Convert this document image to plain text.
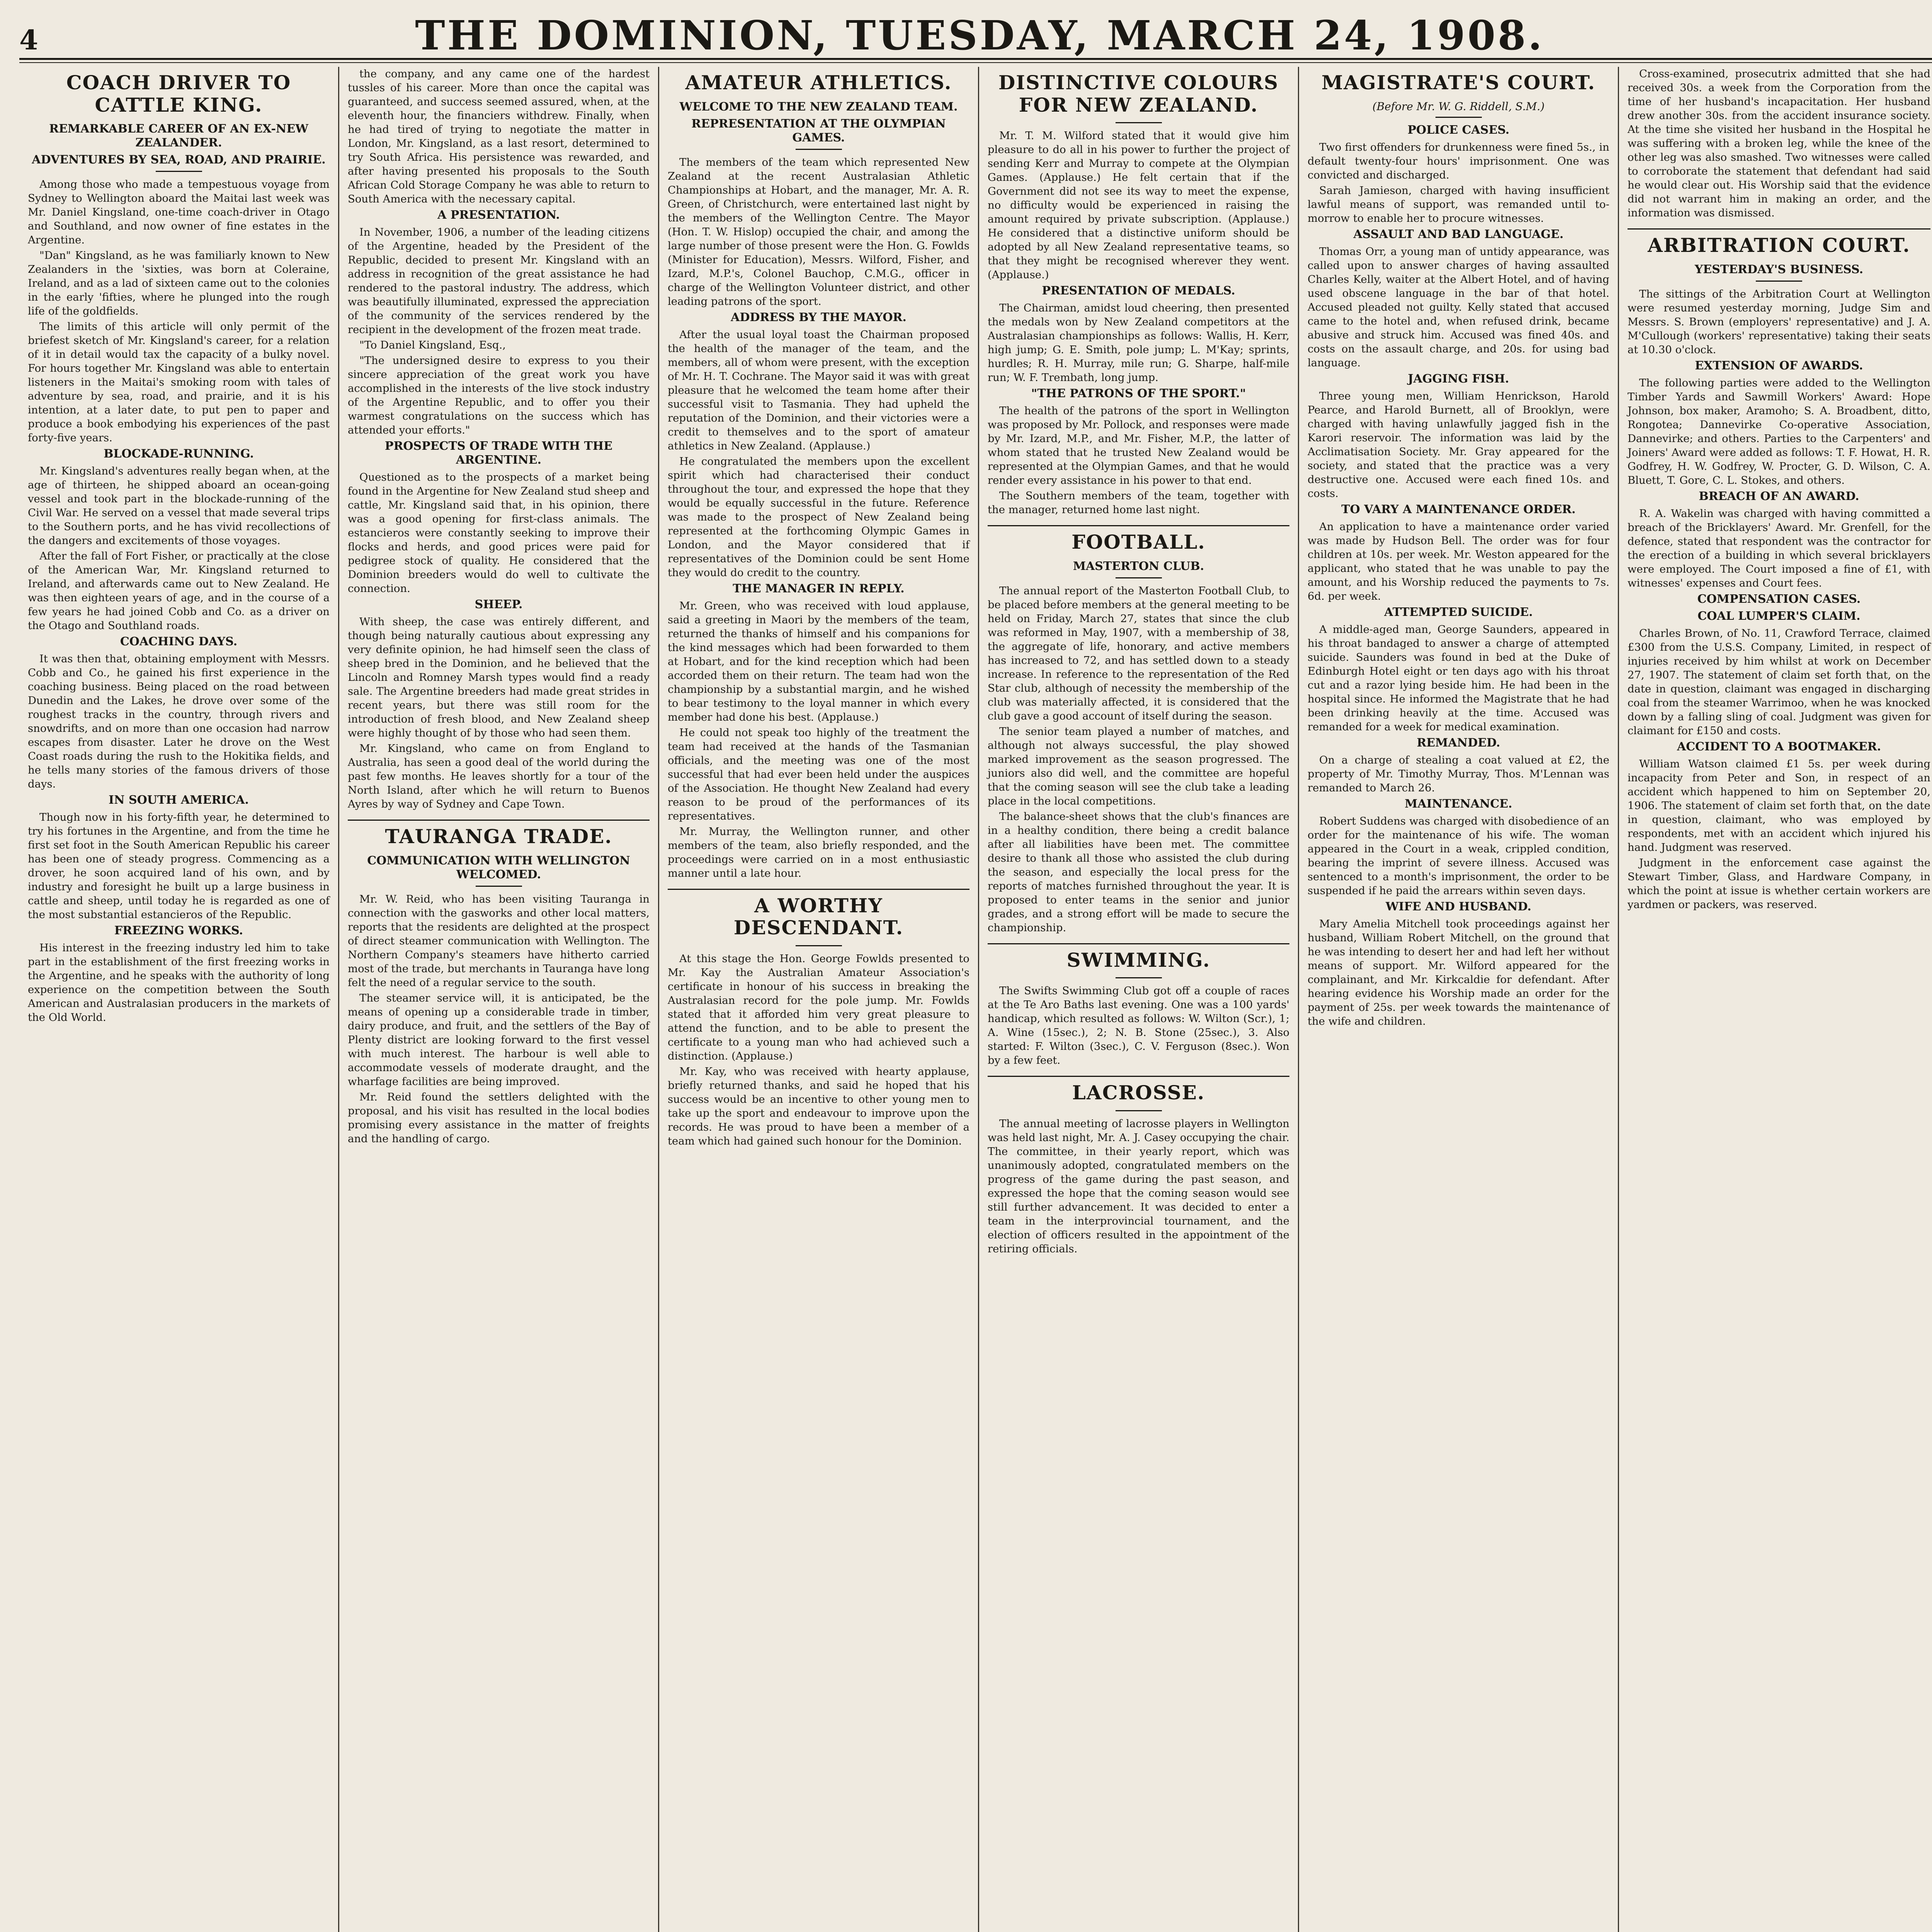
4	THE DOMINION, TUESDAY, MARCH 24, 1908.
COACH DRIVER TO CATTLE KING.
REMARKABLE CAREER OF AN EX-NEW ZEALANDER.
ADVENTURES BY SEA, ROAD, AND PRAIRIE.

Among those who made a tempestuous voyage from Sydney to Wellington aboard the Maitai last week was Mr. Daniel Kingsland, one-time coach-driver in Otago and Southland, and now owner of fine estates in the Argentine.

"Dan" Kingsland, as he was familiarly known to New Zealanders in the 'sixties, was born at Coleraine, Ireland, and as a lad of sixteen came out to the colonies in the early 'fifties, where he plunged into the rough life of the goldfields.

The limits of this article will only permit of the briefest sketch of Mr. Kingsland's career, for a relation of it in detail would tax the capacity of a bulky novel. For hours together Mr. Kingsland was able to entertain listeners in the Maitai's smoking room with tales of adventure by sea, road, and prairie, and it is his intention, at a later date, to put pen to paper and produce a book embodying his experiences of the past forty-five years.

BLOCKADE-RUNNING.

Mr. Kingsland's adventures really began when, at the age of thirteen, he shipped aboard an ocean-going vessel and took part in the blockade-running of the Civil War. He served on a vessel that made several trips to the Southern ports, and he has vivid recollections of the dangers and excitements of those voyages.

After the fall of Fort Fisher, or practically at the close of the American War, Mr. Kingsland returned to Ireland, and afterwards came out to New Zealand. He was then eighteen years of age, and in the course of a few years he had joined Cobb and Co. as a driver on the Otago and Southland roads.

COACHING DAYS.

It was then that, obtaining employment with Messrs. Cobb and Co., he gained his first experience in the coaching business. Being placed on the road between Dunedin and the Lakes, he drove over some of the roughest tracks in the country, through rivers and snowdrifts, and on more than one occasion had narrow escapes from disaster. Later he drove on the West Coast roads during the rush to the Hokitika fields, and he tells many stories of the famous drivers of those days.

IN SOUTH AMERICA.

Though now in his forty-fifth year, he determined to try his fortunes in the Argentine, and from the time he first set foot in the South American Republic his career has been one of steady progress. Commencing as a drover, he soon acquired land of his own, and by industry and foresight he built up a large business in cattle and sheep, until today he is regarded as one of the most substantial estancieros of the Republic.

FREEZING WORKS.

His interest in the freezing industry led him to take part in the establishment of the first freezing works in the Argentine, and he speaks with the authority of long experience on the competition between the South American and Australasian producers in the markets of the Old World.

the company, and any came one of the hardest tussles of his career. More than once the capital was guaranteed, and success seemed assured, when, at the eleventh hour, the financiers withdrew. Finally, when he had tired of trying to negotiate the matter in London, Mr. Kingsland, as a last resort, determined to try South Africa. His persistence was rewarded, and after having presented his proposals to the South African Cold Storage Company he was able to return to South America with the necessary capital.

A PRESENTATION.

In November, 1906, a number of the leading citizens of the Argentine, headed by the President of the Republic, decided to present Mr. Kingsland with an address in recognition of the great assistance he had rendered to the pastoral industry. The address, which was beautifully illuminated, expressed the appreciation of the community of the services rendered by the recipient in the development of the frozen meat trade.

"To Daniel Kingsland, Esq.,

"The undersigned desire to express to you their sincere appreciation of the great work you have accomplished in the interests of the live stock industry of the Argentine Republic, and to offer you their warmest congratulations on the success which has attended your efforts."

PROSPECTS OF TRADE WITH THE ARGENTINE.

Questioned as to the prospects of a market being found in the Argentine for New Zealand stud sheep and cattle, Mr. Kingsland said that, in his opinion, there was a good opening for first-class animals. The estancieros were constantly seeking to improve their flocks and herds, and good prices were paid for pedigree stock of quality. He considered that the Dominion breeders would do well to cultivate the connection.

SHEEP.

With sheep, the case was entirely different, and though being naturally cautious about expressing any very definite opinion, he had himself seen the class of sheep bred in the Dominion, and he believed that the Lincoln and Romney Marsh types would find a ready sale. The Argentine breeders had made great strides in recent years, but there was still room for the introduction of fresh blood, and New Zealand sheep were highly thought of by those who had seen them.

Mr. Kingsland, who came on from England to Australia, has seen a good deal of the world during the past few months. He leaves shortly for a tour of the North Island, after which he will return to Buenos Ayres by way of Sydney and Cape Town.

TAURANGA TRADE.
COMMUNICATION WITH WELLINGTON WELCOMED.

Mr. W. Reid, who has been visiting Tauranga in connection with the gasworks and other local matters, reports that the residents are delighted at the prospect of direct steamer communication with Wellington. The Northern Company's steamers have hitherto carried most of the trade, but merchants in Tauranga have long felt the need of a regular service to the south.

The steamer service will, it is anticipated, be the means of opening up a considerable trade in timber, dairy produce, and fruit, and the settlers of the Bay of Plenty district are looking forward to the first vessel with much interest. The harbour is well able to accommodate vessels of moderate draught, and the wharfage facilities are being improved.

Mr. Reid found the settlers delighted with the proposal, and his visit has resulted in the local bodies promising every assistance in the matter of freights and the handling of cargo.

AMATEUR ATHLETICS.
WELCOME TO THE NEW ZEALAND TEAM.
REPRESENTATION AT THE OLYMPIAN GAMES.

The members of the team which represented New Zealand at the recent Australasian Athletic Championships at Hobart, and the manager, Mr. A. R. Green, of Christchurch, were entertained last night by the members of the Wellington Centre. The Mayor (Hon. T. W. Hislop) occupied the chair, and among the large number of those present were the Hon. G. Fowlds (Minister for Education), Messrs. Wilford, Fisher, and Izard, M.P.'s, Colonel Bauchop, C.M.G., officer in charge of the Wellington Volunteer district, and other leading patrons of the sport.

ADDRESS BY THE MAYOR.

After the usual loyal toast the Chairman proposed the health of the manager of the team, and the members, all of whom were present, with the exception of Mr. H. T. Cochrane. The Mayor said it was with great pleasure that he welcomed the team home after their successful visit to Tasmania. They had upheld the reputation of the Dominion, and their victories were a credit to themselves and to the sport of amateur athletics in New Zealand. (Applause.)

He congratulated the members upon the excellent spirit which had characterised their conduct throughout the tour, and expressed the hope that they would be equally successful in the future. Reference was made to the prospect of New Zealand being represented at the forthcoming Olympic Games in London, and the Mayor considered that if representatives of the Dominion could be sent Home they would do credit to the country.

THE MANAGER IN REPLY.

Mr. Green, who was received with loud applause, said a greeting in Maori by the members of the team, returned the thanks of himself and his companions for the kind messages which had been forwarded to them at Hobart, and for the kind reception which had been accorded them on their return. The team had won the championship by a substantial margin, and he wished to bear testimony to the loyal manner in which every member had done his best. (Applause.)

He could not speak too highly of the treatment the team had received at the hands of the Tasmanian officials, and the meeting was one of the most successful that had ever been held under the auspices of the Association. He thought New Zealand had every reason to be proud of the performances of its representatives.

Mr. Murray, the Wellington runner, and other members of the team, also briefly responded, and the proceedings were carried on in a most enthusiastic manner until a late hour.

A WORTHY DESCENDANT.

At this stage the Hon. George Fowlds presented to Mr. Kay the Australian Amateur Association's certificate in honour of his success in breaking the Australasian record for the pole jump. Mr. Fowlds stated that it afforded him very great pleasure to attend the function, and to be able to present the certificate to a young man who had achieved such a distinction. (Applause.)

Mr. Kay, who was received with hearty applause, briefly returned thanks, and said he hoped that his success would be an incentive to other young men to take up the sport and endeavour to improve upon the records. He was proud to have been a member of a team which had gained such honour for the Dominion.

DISTINCTIVE COLOURS FOR NEW ZEALAND.

Mr. T. M. Wilford stated that it would give him pleasure to do all in his power to further the project of sending Kerr and Murray to compete at the Olympian Games. (Applause.) He felt certain that if the Government did not see its way to meet the expense, no difficulty would be experienced in raising the amount required by private subscription. (Applause.) He considered that a distinctive uniform should be adopted by all New Zealand representative teams, so that they might be recognised wherever they went. (Applause.)

PRESENTATION OF MEDALS.

The Chairman, amidst loud cheering, then presented the medals won by New Zealand competitors at the Australasian championships as follows: Wallis, H. Kerr, high jump; G. E. Smith, pole jump; L. M'Kay; sprints, hurdles; R. H. Murray, mile run; G. Sharpe, half-mile run; W. F. Trembath, long jump.

"THE PATRONS OF THE SPORT."

The health of the patrons of the sport in Wellington was proposed by Mr. Pollock, and responses were made by Mr. Izard, M.P., and Mr. Fisher, M.P., the latter of whom stated that he trusted New Zealand would be represented at the Olympian Games, and that he would render every assistance in his power to that end.

The Southern members of the team, together with the manager, returned home last night.

FOOTBALL.
MASTERTON CLUB.

The annual report of the Masterton Football Club, to be placed before members at the general meeting to be held on Friday, March 27, states that since the club was reformed in May, 1907, with a membership of 38, the aggregate of life, honorary, and active members has increased to 72, and has settled down to a steady increase. In reference to the representation of the Red Star club, although of necessity the membership of the club was materially affected, it is considered that the club gave a good account of itself during the season.

The senior team played a number of matches, and although not always successful, the play showed marked improvement as the season progressed. The juniors also did well, and the committee are hopeful that the coming season will see the club take a leading place in the local competitions.

The balance-sheet shows that the club's finances are in a healthy condition, there being a credit balance after all liabilities have been met. The committee desire to thank all those who assisted the club during the season, and especially the local press for the reports of matches furnished throughout the year. It is proposed to enter teams in the senior and junior grades, and a strong effort will be made to secure the championship.

SWIMMING.

The Swifts Swimming Club got off a couple of races at the Te Aro Baths last evening. One was a 100 yards' handicap, which resulted as follows: W. Wilton (Scr.), 1; A. Wine (15sec.), 2; N. B. Stone (25sec.), 3. Also started: F. Wilton (3sec.), C. V. Ferguson (8sec.). Won by a few feet.

LACROSSE.

The annual meeting of lacrosse players in Wellington was held last night, Mr. A. J. Casey occupying the chair. The committee, in their yearly report, which was unanimously adopted, congratulated members on the progress of the game during the past season, and expressed the hope that the coming season would see still further advancement. It was decided to enter a team in the interprovincial tournament, and the election of officers resulted in the appointment of the retiring officials.

MAGISTRATE'S COURT.
(Before Mr. W. G. Riddell, S.M.)
POLICE CASES.

Two first offenders for drunkenness were fined 5s., in default twenty-four hours' imprisonment. One was convicted and discharged.

Sarah Jamieson, charged with having insufficient lawful means of support, was remanded until to-morrow to enable her to procure witnesses.

ASSAULT AND BAD LANGUAGE.

Thomas Orr, a young man of untidy appearance, was called upon to answer charges of having assaulted Charles Kelly, waiter at the Albert Hotel, and of having used obscene language in the bar of that hotel. Accused pleaded not guilty. Kelly stated that accused came to the hotel and, when refused drink, became abusive and struck him. Accused was fined 40s. and costs on the assault charge, and 20s. for using bad language.

JAGGING FISH.

Three young men, William Henrickson, Harold Pearce, and Harold Burnett, all of Brooklyn, were charged with having unlawfully jagged fish in the Karori reservoir. The information was laid by the Acclimatisation Society. Mr. Gray appeared for the society, and stated that the practice was a very destructive one. Accused were each fined 10s. and costs.

TO VARY A MAINTENANCE ORDER.

An application to have a maintenance order varied was made by Hudson Bell. The order was for four children at 10s. per week. Mr. Weston appeared for the applicant, who stated that he was unable to pay the amount, and his Worship reduced the payments to 7s. 6d. per week.

ATTEMPTED SUICIDE.

A middle-aged man, George Saunders, appeared in his throat bandaged to answer a charge of attempted suicide. Saunders was found in bed at the Duke of Edinburgh Hotel eight or ten days ago with his throat cut and a razor lying beside him. He had been in the hospital since. He informed the Magistrate that he had been drinking heavily at the time. Accused was remanded for a week for medical examination.

REMANDED.

On a charge of stealing a coat valued at £2, the property of Mr. Timothy Murray, Thos. M'Lennan was remanded to March 26.

MAINTENANCE.

Robert Suddens was charged with disobedience of an order for the maintenance of his wife. The woman appeared in the Court in a weak, crippled condition, bearing the imprint of severe illness. Accused was sentenced to a month's imprisonment, the order to be suspended if he paid the arrears within seven days.

WIFE AND HUSBAND.

Mary Amelia Mitchell took proceedings against her husband, William Robert Mitchell, on the ground that he was intending to desert her and had left her without means of support. Mr. Wilford appeared for the complainant, and Mr. Kirkcaldie for defendant. After hearing evidence his Worship made an order for the payment of 25s. per week towards the maintenance of the wife and children.

Cross-examined, prosecutrix admitted that she had received 30s. a week from the Corporation from the time of her husband's incapacitation. Her husband drew another 30s. from the accident insurance society. At the time she visited her husband in the Hospital he was suffering with a broken leg, while the knee of the other leg was also smashed. Two witnesses were called to corroborate the statement that defendant had said he would clear out. His Worship said that the evidence did not warrant him in making an order, and the information was dismissed.

ARBITRATION COURT.
YESTERDAY'S BUSINESS.

The sittings of the Arbitration Court at Wellington were resumed yesterday morning, Judge Sim and Messrs. S. Brown (employers' representative) and J. A. M'Cullough (workers' representative) taking their seats at 10.30 o'clock.

EXTENSION OF AWARDS.

The following parties were added to the Wellington Timber Yards and Sawmill Workers' Award: Hope Johnson, box maker, Aramoho; S. A. Broadbent, ditto, Rongotea; Dannevirke Co-operative Association, Dannevirke; and others. Parties to the Carpenters' and Joiners' Award were added as follows: T. F. Howat, H. R. Godfrey, H. W. Godfrey, W. Procter, G. D. Wilson, C. A. Bluett, T. Gore, C. L. Stokes, and others.

BREACH OF AN AWARD.

R. A. Wakelin was charged with having committed a breach of the Bricklayers' Award. Mr. Grenfell, for the defence, stated that respondent was the contractor for the erection of a building in which several bricklayers were employed. The Court imposed a fine of £1, with witnesses' expenses and Court fees.

COMPENSATION CASES.
COAL LUMPER'S CLAIM.

Charles Brown, of No. 11, Crawford Terrace, claimed £300 from the U.S.S. Company, Limited, in respect of injuries received by him whilst at work on December 27, 1907. The statement of claim set forth that, on the date in question, claimant was engaged in discharging coal from the steamer Warrimoo, when he was knocked down by a falling sling of coal. Judgment was given for claimant for £150 and costs.

ACCIDENT TO A BOOTMAKER.

William Watson claimed £1 5s. per week during incapacity from Peter and Son, in respect of an accident which happened to him on September 20, 1906. The statement of claim set forth that, on the date in question, claimant, who was employed by respondents, met with an accident which injured his hand. Judgment was reserved.

Judgment in the enforcement case against the Stewart Timber, Glass, and Hardware Company, in which the point at issue is whether certain workers are yardmen or packers, was reserved.
